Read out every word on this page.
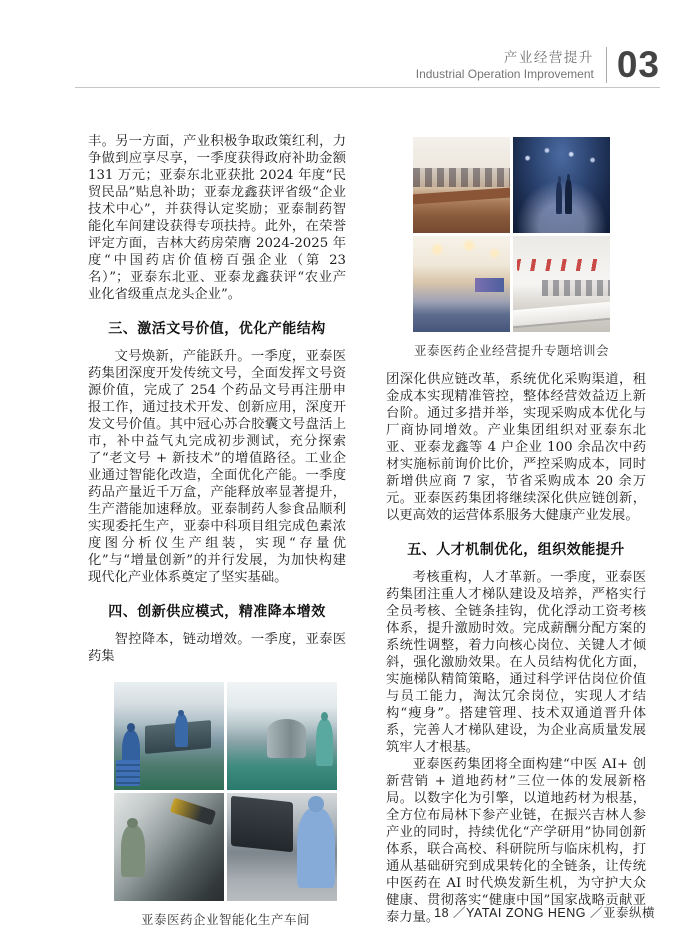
产业经营提升
Industrial Operation Improvement 03

丰。另一方面，产业积极争取政策红利，力争做到应享尽享，一季度获得政府补助金额 131 万元；亚泰东北亚获批 2024 年度“民贸民品”贴息补助；亚泰龙鑫获评省级“企业技术中心”，并获得认定奖励；亚泰制药智能化车间建设获得专项扶持。此外，在荣誉评定方面，吉林大药房荣膺 2024-2025 年度“中国药店价值榜百强企业（第 23 名）”；亚泰东北亚、亚泰龙鑫获评“农业产业化省级重点龙头企业”。

三、激活文号价值，优化产能结构

文号焕新，产能跃升。一季度，亚泰医药集团深度开发传统文号，全面发挥文号资源价值，完成了 254 个药品文号再注册申报工作，通过技术开发、创新应用，深度开发文号价值。其中冠心苏合胶囊文号盘活上市，补中益气丸完成初步测试，充分探索了“老文号 + 新技术”的增值路径。工业企业通过智能化改造，全面优化产能。一季度药品产量近千万盒，产能释放率显著提升，生产潜能加速释放。亚泰制药人参食品顺利实现委托生产，亚泰中科项目组完成色素浓度图分析仪生产组装，实现“存量优化”与“增量创新”的并行发展，为加快构建现代化产业体系奠定了坚实基础。

四、创新供应模式，精准降本增效

智控降本，链动增效。一季度，亚泰医药集

亚泰医药企业智能化生产车间
亚泰医药企业经营提升专题培训会

团深化供应链改革，系统优化采购渠道，租金成本实现精准管控，整体经营效益迈上新台阶。通过多措并举，实现采购成本优化与厂商协同增效。产业集团组织对亚泰东北亚、亚泰龙鑫等 4 户企业 100 余品次中药材实施标前询价比价，严控采购成本，同时新增供应商 7 家，节省采购成本 20 余万元。亚泰医药集团将继续深化供应链创新，以更高效的运营体系服务大健康产业发展。

五、人才机制优化，组织效能提升

考核重构，人才革新。一季度，亚泰医药集团注重人才梯队建设及培养，严格实行全员考核、全链条挂钩，优化浮动工资考核体系，提升激励时效。完成薪酬分配方案的系统性调整，着力向核心岗位、关键人才倾斜，强化激励效果。在人员结构优化方面，实施梯队精简策略，通过科学评估岗位价值与员工能力，淘汰冗余岗位，实现人才结构“瘦身”。搭建管理、技术双通道晋升体系，完善人才梯队建设，为企业高质量发展筑牢人才根基。

亚泰医药集团将全面构建“中医 AI+ 创新营销 + 道地药材”三位一体的发展新格局。以数字化为引擎，以道地药材为根基，全方位布局林下参产业链，在振兴吉林人参产业的同时，持续优化“产学研用”协同创新体系，联合高校、科研院所与临床机构，打通从基础研究到成果转化的全链条，让传统中医药在 AI 时代焕发新生机，为守护大众健康、贯彻落实“健康中国”国家战略贡献亚泰力量。

18 ／YATAI ZONG HENG ／亚泰纵横
